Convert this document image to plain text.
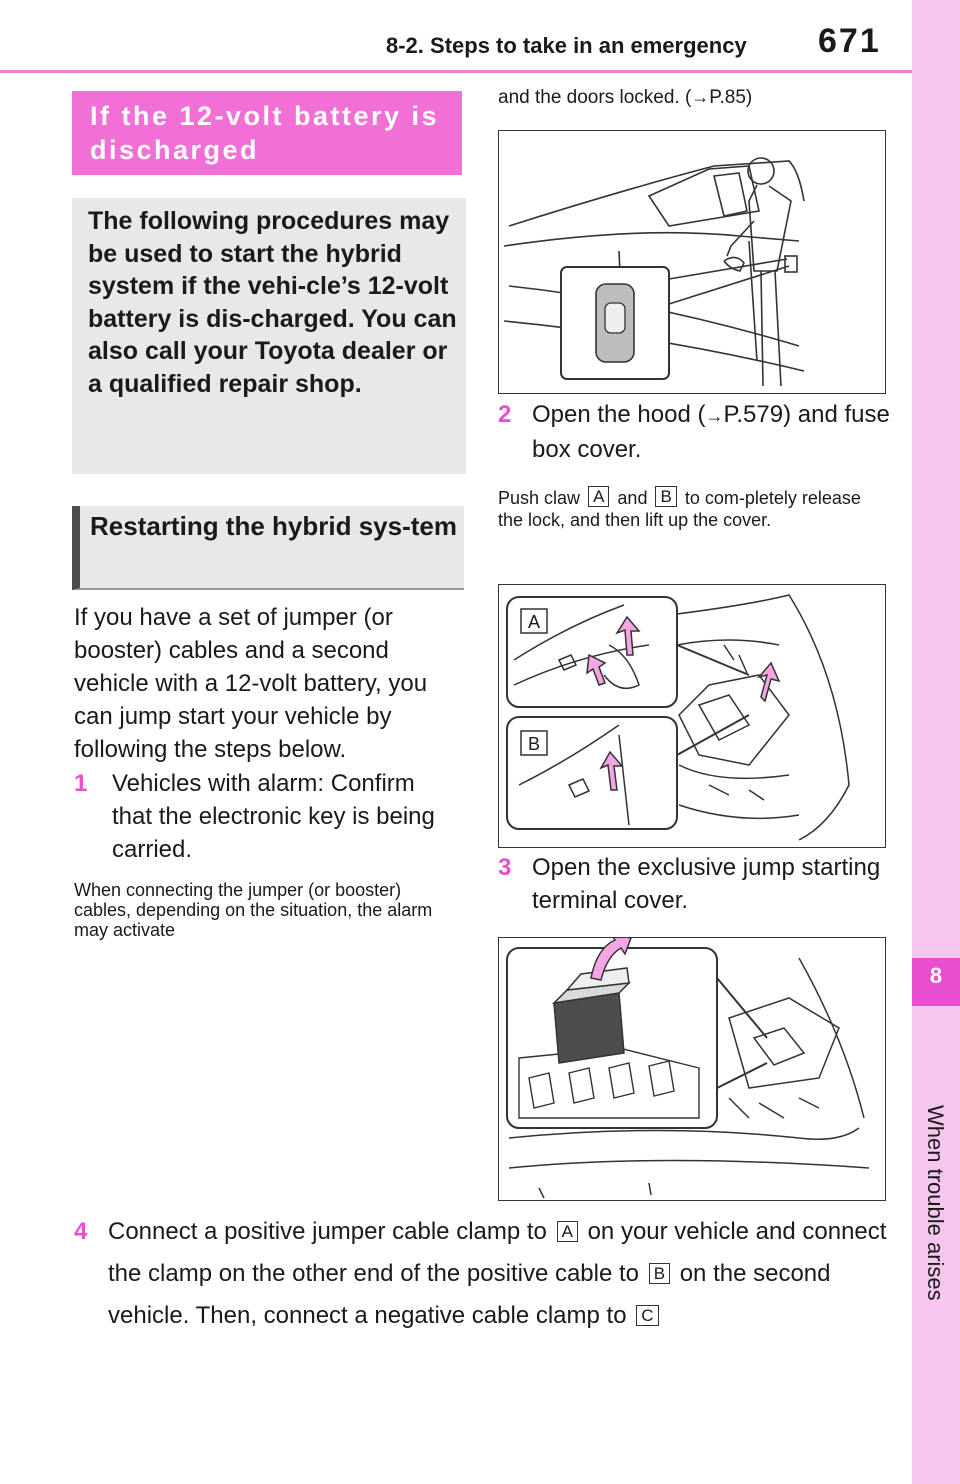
8-2. Steps to take in an emergency 671
8
If the 12-volt battery is discharged
The following procedures may be used to start the hybrid system if the vehi-cle’s 12-volt battery is dis-charged. You can also call your Toyota dealer or a qualified repair shop.
Restarting the hybrid sys-tem
If you have a set of jumper (or booster) cables and a second vehicle with a 12-volt battery, you can jump start your vehicle by following the steps below.
1 Vehicles with alarm: Confirm that the electronic key is being carried.
When connecting the jumper (or booster) cables, depending on the situation, the alarm may activate
and the doors locked. (→P.85)
2 Open the hood (→P.579) and fuse box cover.
Push claw A and B to com-pletely release the lock, and then lift up the cover.
A
B
3 Open the exclusive jump starting terminal cover.
4 Connect a positive jumper cable clamp to A on your vehicle and connect the clamp on the other end of the positive cable to B on the second vehicle. Then, connect a negative cable clamp to C
